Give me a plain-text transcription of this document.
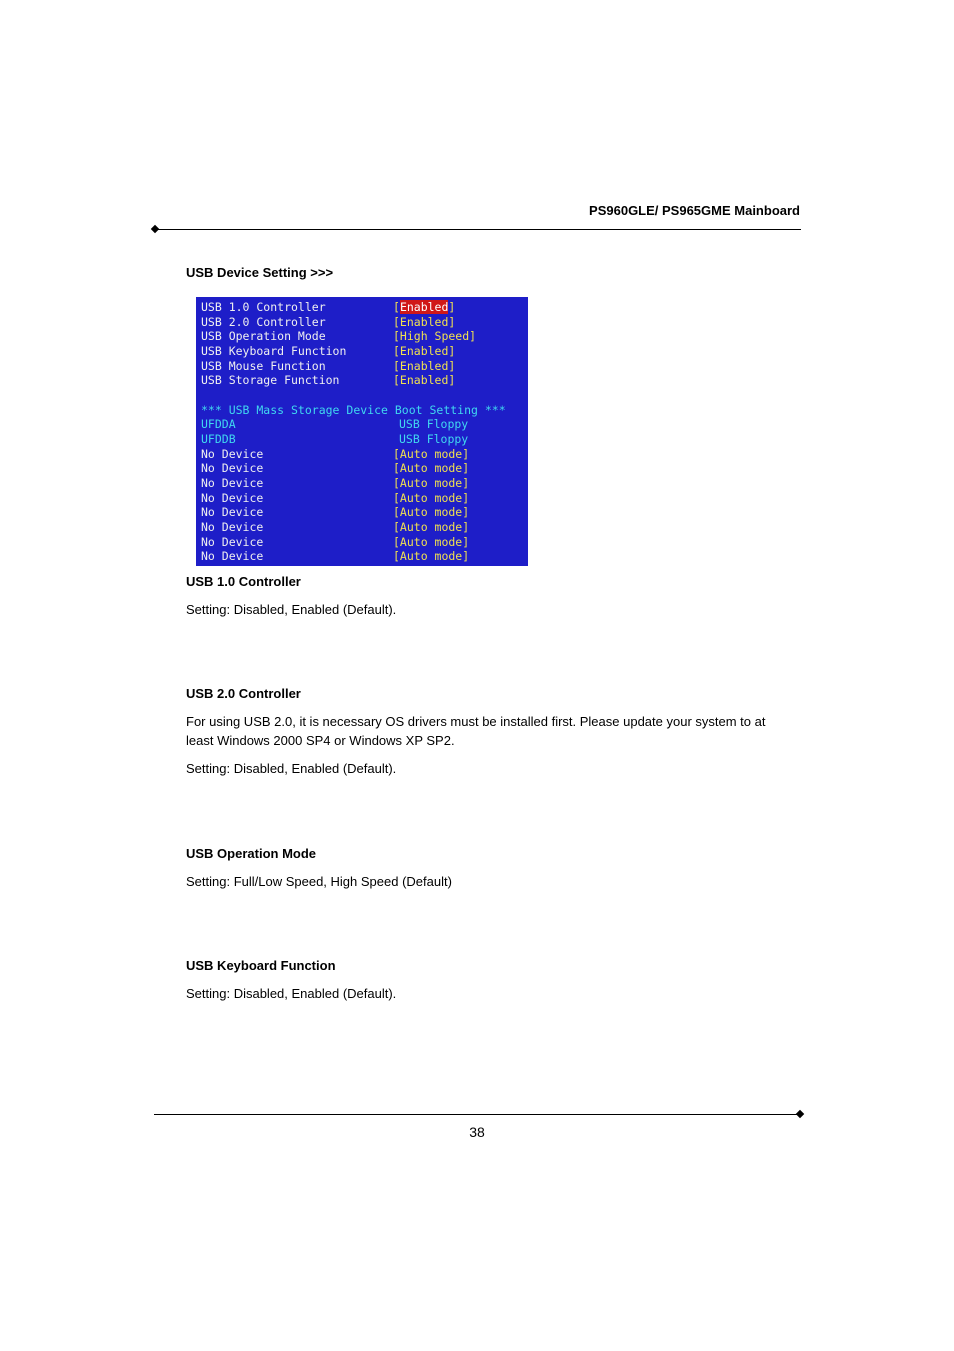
PS960GLE/ PS965GME Mainboard
USB Device Setting >>>
USB 1.0 Controller	[Enabled]
USB 2.0 Controller	[Enabled]
USB Operation Mode	[High Speed]
USB Keyboard Function	[Enabled]
USB Mouse Function	[Enabled]
USB Storage Function	[Enabled]
*** USB Mass Storage Device Boot Setting ***
UFDDA	USB Floppy
UFDDB	USB Floppy
No Device	[Auto mode]
No Device	[Auto mode]
No Device	[Auto mode]
No Device	[Auto mode]
No Device	[Auto mode]
No Device	[Auto mode]
No Device	[Auto mode]
No Device	[Auto mode]
USB 1.0 Controller
Setting: Disabled, Enabled (Default).
USB 2.0 Controller
For using USB 2.0, it is necessary OS drivers must be installed first. Please update your system to at least Windows 2000 SP4 or Windows XP SP2.
Setting: Disabled, Enabled (Default).
USB Operation Mode
Setting: Full/Low Speed, High Speed (Default)
USB Keyboard Function
Setting: Disabled, Enabled (Default).
38
